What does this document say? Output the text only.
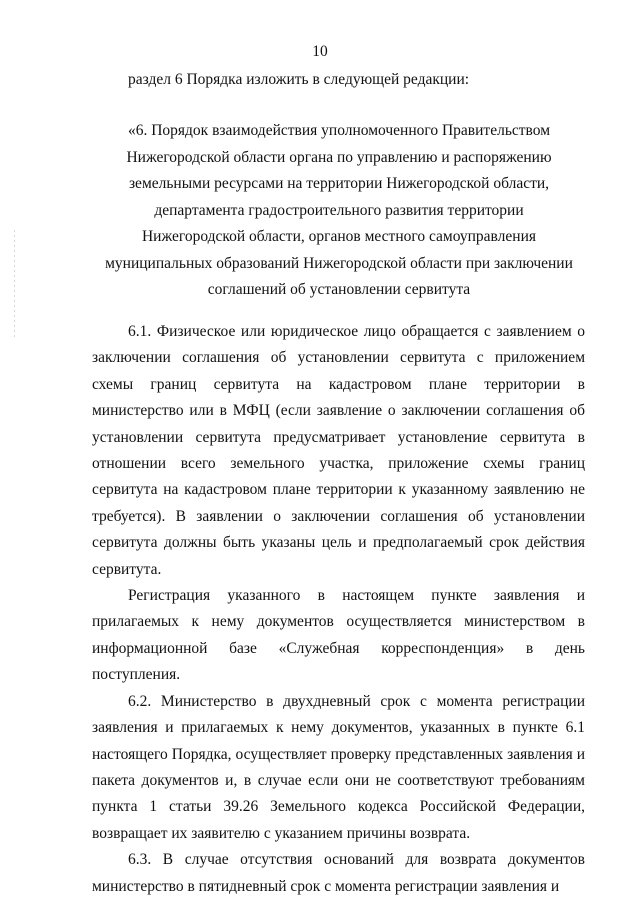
10
раздел 6 Порядка изложить в следующей редакции:
«6. Порядок взаимодействия уполномоченного Правительством
Нижегородской области органа по управлению и распоряжению
земельными ресурсами на территории Нижегородской области,
департамента градостроительного развития территории
Нижегородской области, органов местного самоуправления
муниципальных образований Нижегородской области при заключении
соглашений об установлении сервитута

6.1. Физическое или юридическое лицо обращается с заявлением о заключении соглашения об установлении сервитута с приложением схемы границ сервитута на кадастровом плане территории в министерство или в МФЦ (если заявление о заключении соглашения об установлении сервитута предусматривает установление сервитута в отношении всего земельного участка, приложение схемы границ сервитута на кадастровом плане территории к указанному заявлению не требуется). В заявлении о заключении соглашения об установлении сервитута должны быть указаны цель и предполагаемый срок действия сервитута.

Регистрация указанного в настоящем пункте заявления и прилагаемых к нему документов осуществляется министерством в информационной базе «Служебная корреспонденция» в день поступления.

6.2. Министерство в двухдневный срок с момента регистрации заявления и прилагаемых к нему документов, указанных в пункте 6.1 настоящего Порядка, осуществляет проверку представленных заявления и пакета документов и, в случае если они не соответствуют требованиям пункта 1 статьи 39.26 Земельного кодекса Российской Федерации, возвращает их заявителю с указанием причины возврата.

6.3. В случае отсутствия оснований для возврата документов министерство в пятидневный срок с момента регистрации заявления и
